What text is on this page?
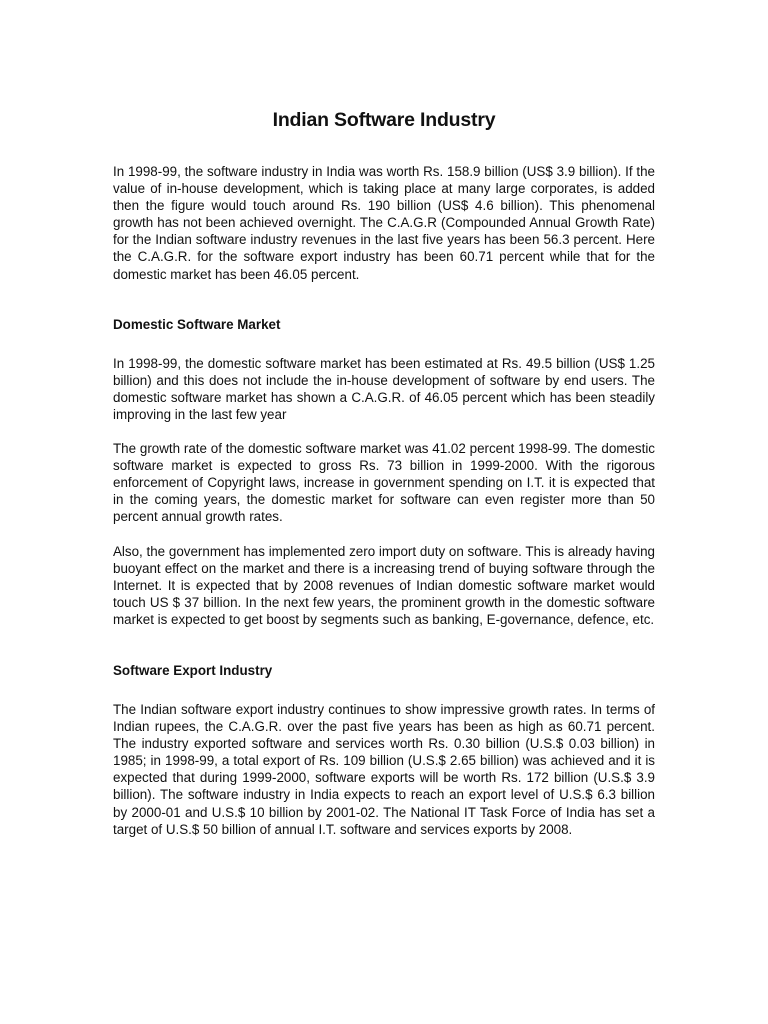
Indian Software Industry

In 1998-99, the software industry in India was worth Rs. 158.9 billion (US$ 3.9 billion). If the value of in-house development, which is taking place at many large corporates, is added then the figure would touch around Rs. 190 billion (US$ 4.6 billion). This phenomenal growth has not been achieved overnight. The C.A.G.R (Compounded Annual Growth Rate) for the Indian software industry revenues in the last five years has been 56.3 percent. Here the C.A.G.R. for the software export industry has been 60.71 percent while that for the domestic market has been 46.05 percent.

Domestic Software Market

In 1998-99, the domestic software market has been estimated at Rs. 49.5 billion (US$ 1.25 billion) and this does not include the in-house development of software by end users. The domestic software market has shown a C.A.G.R. of 46.05 percent which has been steadily improving in the last few year

The growth rate of the domestic software market was 41.02 percent 1998-99. The domestic software market is expected to gross Rs. 73 billion in 1999-2000. With the rigorous enforcement of Copyright laws, increase in government spending on I.T. it is expected that in the coming years, the domestic market for software can even register more than 50 percent annual growth rates.

Also, the government has implemented zero import duty on software. This is already having buoyant effect on the market and there is a increasing trend of buying software through the Internet. It is expected that by 2008 revenues of Indian domestic software market would touch US $ 37 billion. In the next few years, the prominent growth in the domestic software market is expected to get boost by segments such as banking, E-governance, defence, etc.

Software Export Industry

The Indian software export industry continues to show impressive growth rates. In terms of Indian rupees, the C.A.G.R. over the past five years has been as high as 60.71 percent. The industry exported software and services worth Rs. 0.30 billion (U.S.$ 0.03 billion) in 1985; in 1998-99, a total export of Rs. 109 billion (U.S.$ 2.65 billion) was achieved and it is expected that during 1999-2000, software exports will be worth Rs. 172 billion (U.S.$ 3.9 billion). The software industry in India expects to reach an export level of U.S.$ 6.3 billion by 2000-01 and U.S.$ 10 billion by 2001-02. The National IT Task Force of India has set a target of U.S.$ 50 billion of annual I.T. software and services exports by 2008.
